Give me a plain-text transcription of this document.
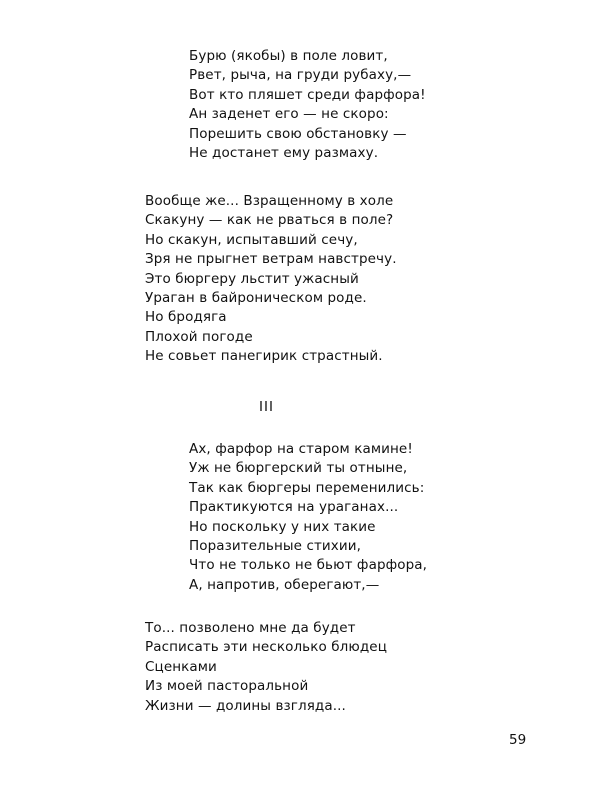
Бурю (якобы) в поле ловит,
Рвет, рыча, на груди рубаху,—
Вот кто пляшет среди фарфора!
Ан заденет его — не скоро:
Порешить свою обстановку —
Не достанет ему размаху.
Вообще же... Взращенному в холе
Скакуну — как не рваться в поле?
Но скакун, испытавший сечу,
Зря не прыгнет ветрам навстречу.
Это бюргеру льстит ужасный
Ураган в байроническом роде.
Но бродяга
Плохой погоде
Не совьет панегирик страстный.
III
Ах, фарфор на старом камине!
Уж не бюргерский ты отныне,
Так как бюргеры переменились:
Практикуются на ураганах...
Но поскольку у них такие
Поразительные стихии,
Что не только не бьют фарфора,
А, напротив, оберегают,—
То... позволено мне да будет
Расписать эти несколько блюдец
Сценками
Из моей пасторальной
Жизни — долины взгляда...
59
